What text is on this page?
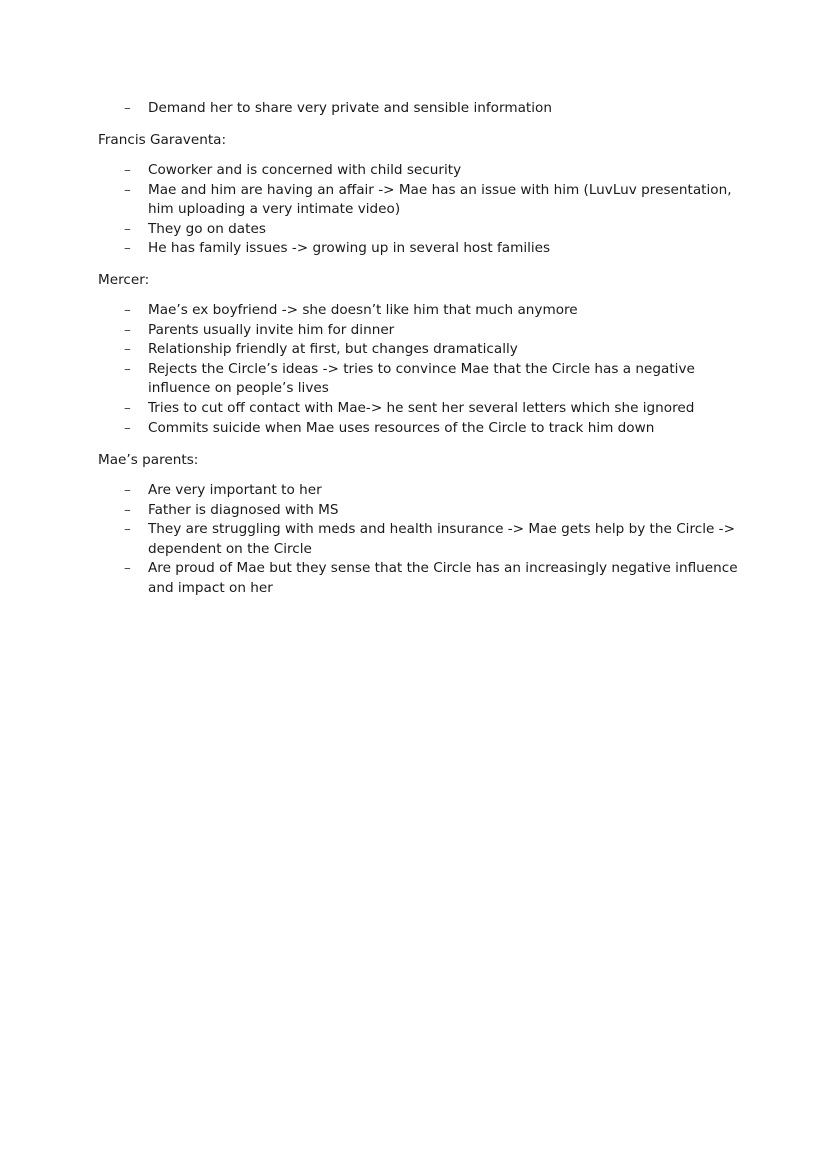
– Demand her to share very private and sensible information
Francis Garaventa:
– Coworker and is concerned with child security
– Mae and him are having an affair -> Mae has an issue with him (LuvLuv presentation, him uploading a very intimate video)
– They go on dates
– He has family issues -> growing up in several host families
Mercer:
– Mae’s ex boyfriend -> she doesn’t like him that much anymore
– Parents usually invite him for dinner
– Relationship friendly at first, but changes dramatically
– Rejects the Circle’s ideas -> tries to convince Mae that the Circle has a negative influence on people’s lives
– Tries to cut off contact with Mae-> he sent her several letters which she ignored
– Commits suicide when Mae uses resources of the Circle to track him down
Mae’s parents:
– Are very important to her
– Father is diagnosed with MS
– They are struggling with meds and health insurance -> Mae gets help by the Circle -> dependent on the Circle
– Are proud of Mae but they sense that the Circle has an increasingly negative influence and impact on her
